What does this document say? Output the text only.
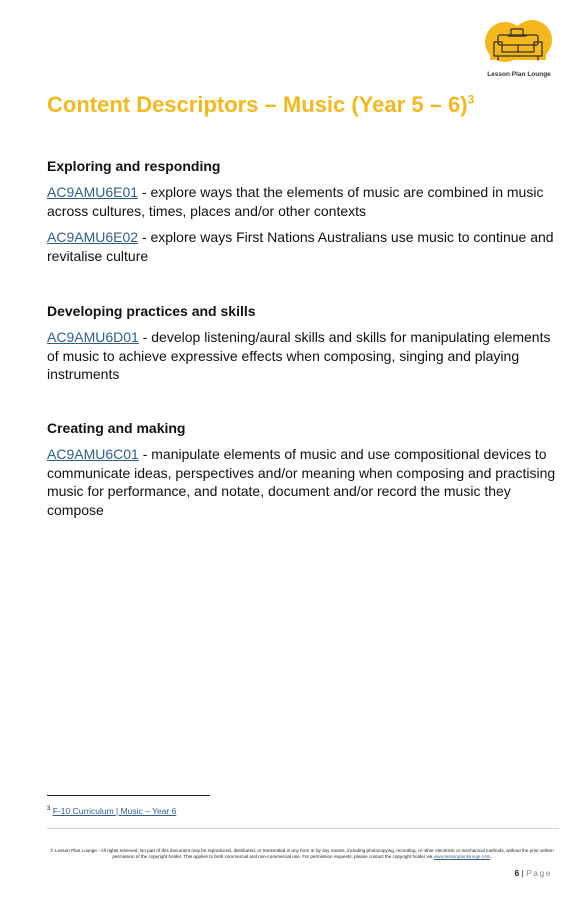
Lesson Plan Lounge
Content Descriptors – Music (Year 5 – 6)$^3$
Exploring and responding

AC9AMU6E01 - explore ways that the elements of music are combined in music across cultures, times, places and/or other contexts

AC9AMU6E02 - explore ways First Nations Australians use music to continue and revitalise culture

Developing practices and skills

AC9AMU6D01 - develop listening/aural skills and skills for manipulating elements of music to achieve expressive effects when composing, singing and playing instruments

Creating and making

AC9AMU6C01 - manipulate elements of music and use compositional devices to communicate ideas, perspectives and/or meaning when composing and practising music for performance, and notate, document and/or record the music they compose

$^3$ F-10 Curriculum | Music – Year 6
© Lesson Plan Lounge - All rights reserved. No part of this document may be reproduced, distributed, or transmitted in any form or by any means, including photocopying, recording, or other electronic or mechanical methods, without the prior written permission of the copyright holder. This applies to both commercial and non-commercial use. For permission requests, please contact the copyright holder via www.lessonplanlounge.com.
6 | Page
